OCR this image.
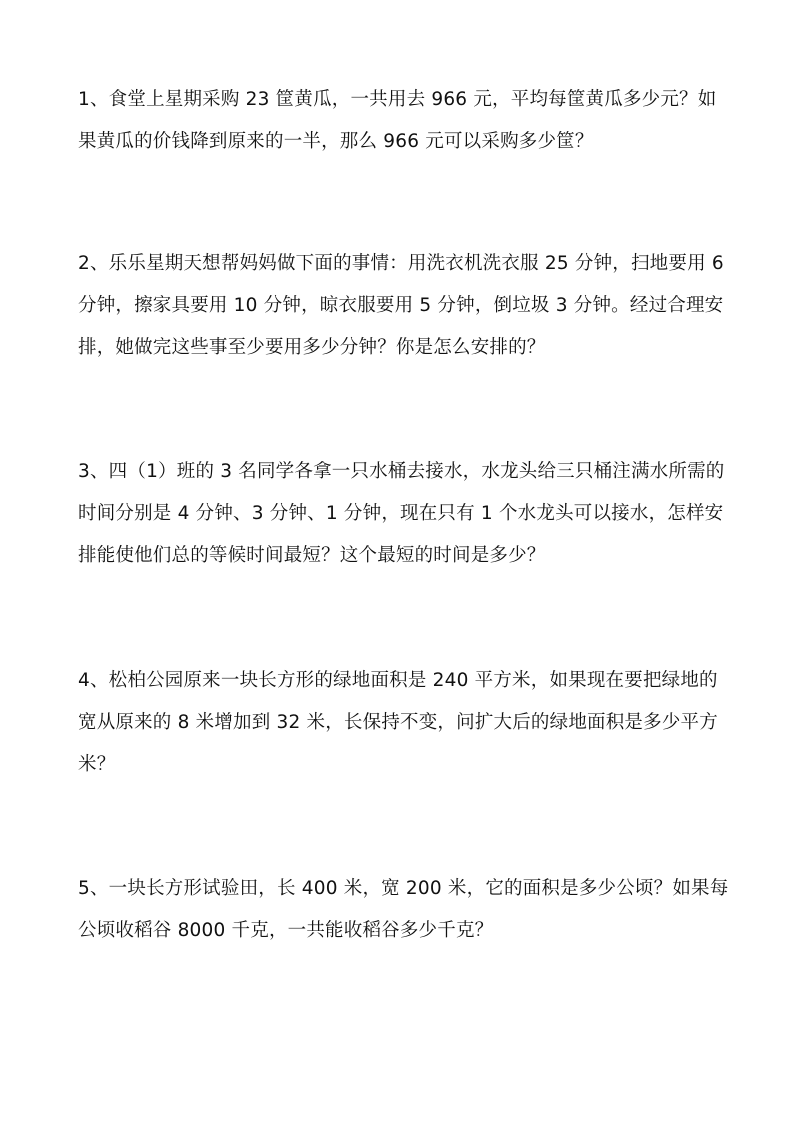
1、食堂上星期采购 23 筐黄瓜，一共用去 966 元，平均每筐黄瓜多少元？如
果黄瓜的价钱降到原来的一半，那么 966 元可以采购多少筐？
2、乐乐星期天想帮妈妈做下面的事情：用洗衣机洗衣服 25 分钟，扫地要用 6
分钟，擦家具要用 10 分钟，晾衣服要用 5 分钟，倒垃圾 3 分钟。经过合理安
排，她做完这些事至少要用多少分钟？你是怎么安排的？
3、四（1）班的 3 名同学各拿一只水桶去接水，水龙头给三只桶注满水所需的
时间分别是 4 分钟、3 分钟、1 分钟，现在只有 1 个水龙头可以接水，怎样安
排能使他们总的等候时间最短？这个最短的时间是多少？
4、松柏公园原来一块长方形的绿地面积是 240 平方米，如果现在要把绿地的
宽从原来的 8 米增加到 32 米，长保持不变，问扩大后的绿地面积是多少平方
米？
5、一块长方形试验田，长 400 米，宽 200 米，它的面积是多少公顷？如果每
公顷收稻谷 8000 千克，一共能收稻谷多少千克？
